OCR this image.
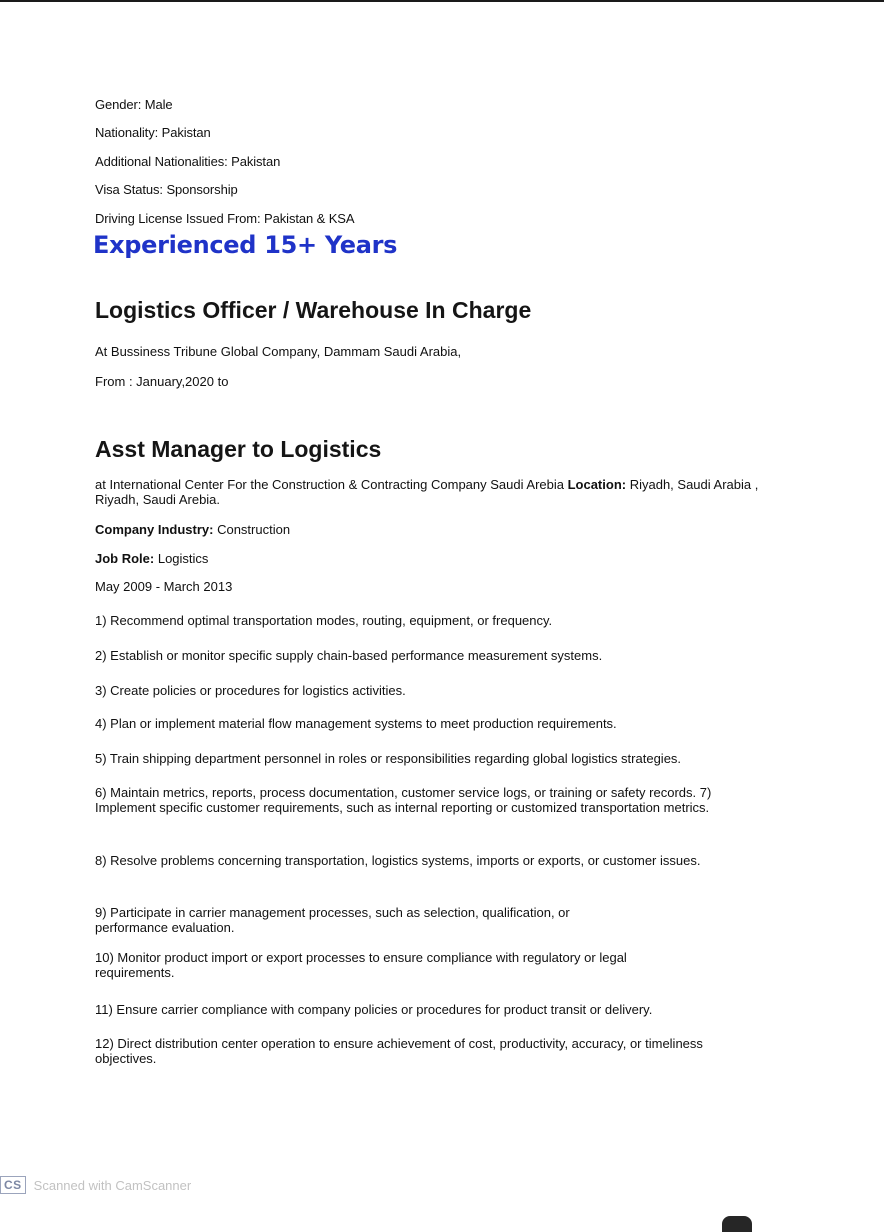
Gender: Male
Nationality: Pakistan
Additional Nationalities: Pakistan
Visa Status: Sponsorship
Driving License Issued From: Pakistan & KSA
Experienced 15+ Years
Logistics Officer / Warehouse In Charge
At Bussiness Tribune Global Company, Dammam Saudi Arabia,
From : January,2020 to
Asst Manager to Logistics
at International Center For the Construction & Contracting Company Saudi Arebia Location: Riyadh, Saudi Arabia , Riyadh, Saudi Arebia.
Company Industry: Construction
Job Role: Logistics
May 2009 - March 2013
1) Recommend optimal transportation modes, routing, equipment, or frequency.
2) Establish or monitor specific supply chain-based performance measurement systems.
3) Create policies or procedures for logistics activities.
4) Plan or implement material flow management systems to meet production requirements.
5) Train shipping department personnel in roles or responsibilities regarding global logistics strategies.
6) Maintain metrics, reports, process documentation, customer service logs, or training or safety records. 7) Implement specific customer requirements, such as internal reporting or customized transportation metrics.
8) Resolve problems concerning transportation, logistics systems, imports or exports, or customer issues.
9) Participate in carrier management processes, such as selection, qualification, or performance evaluation.
10) Monitor product import or export processes to ensure compliance with regulatory or legal requirements.
11) Ensure carrier compliance with company policies or procedures for product transit or delivery.
12) Direct distribution center operation to ensure achievement of cost, productivity, accuracy, or timeliness objectives.
CS Scanned with CamScanner
